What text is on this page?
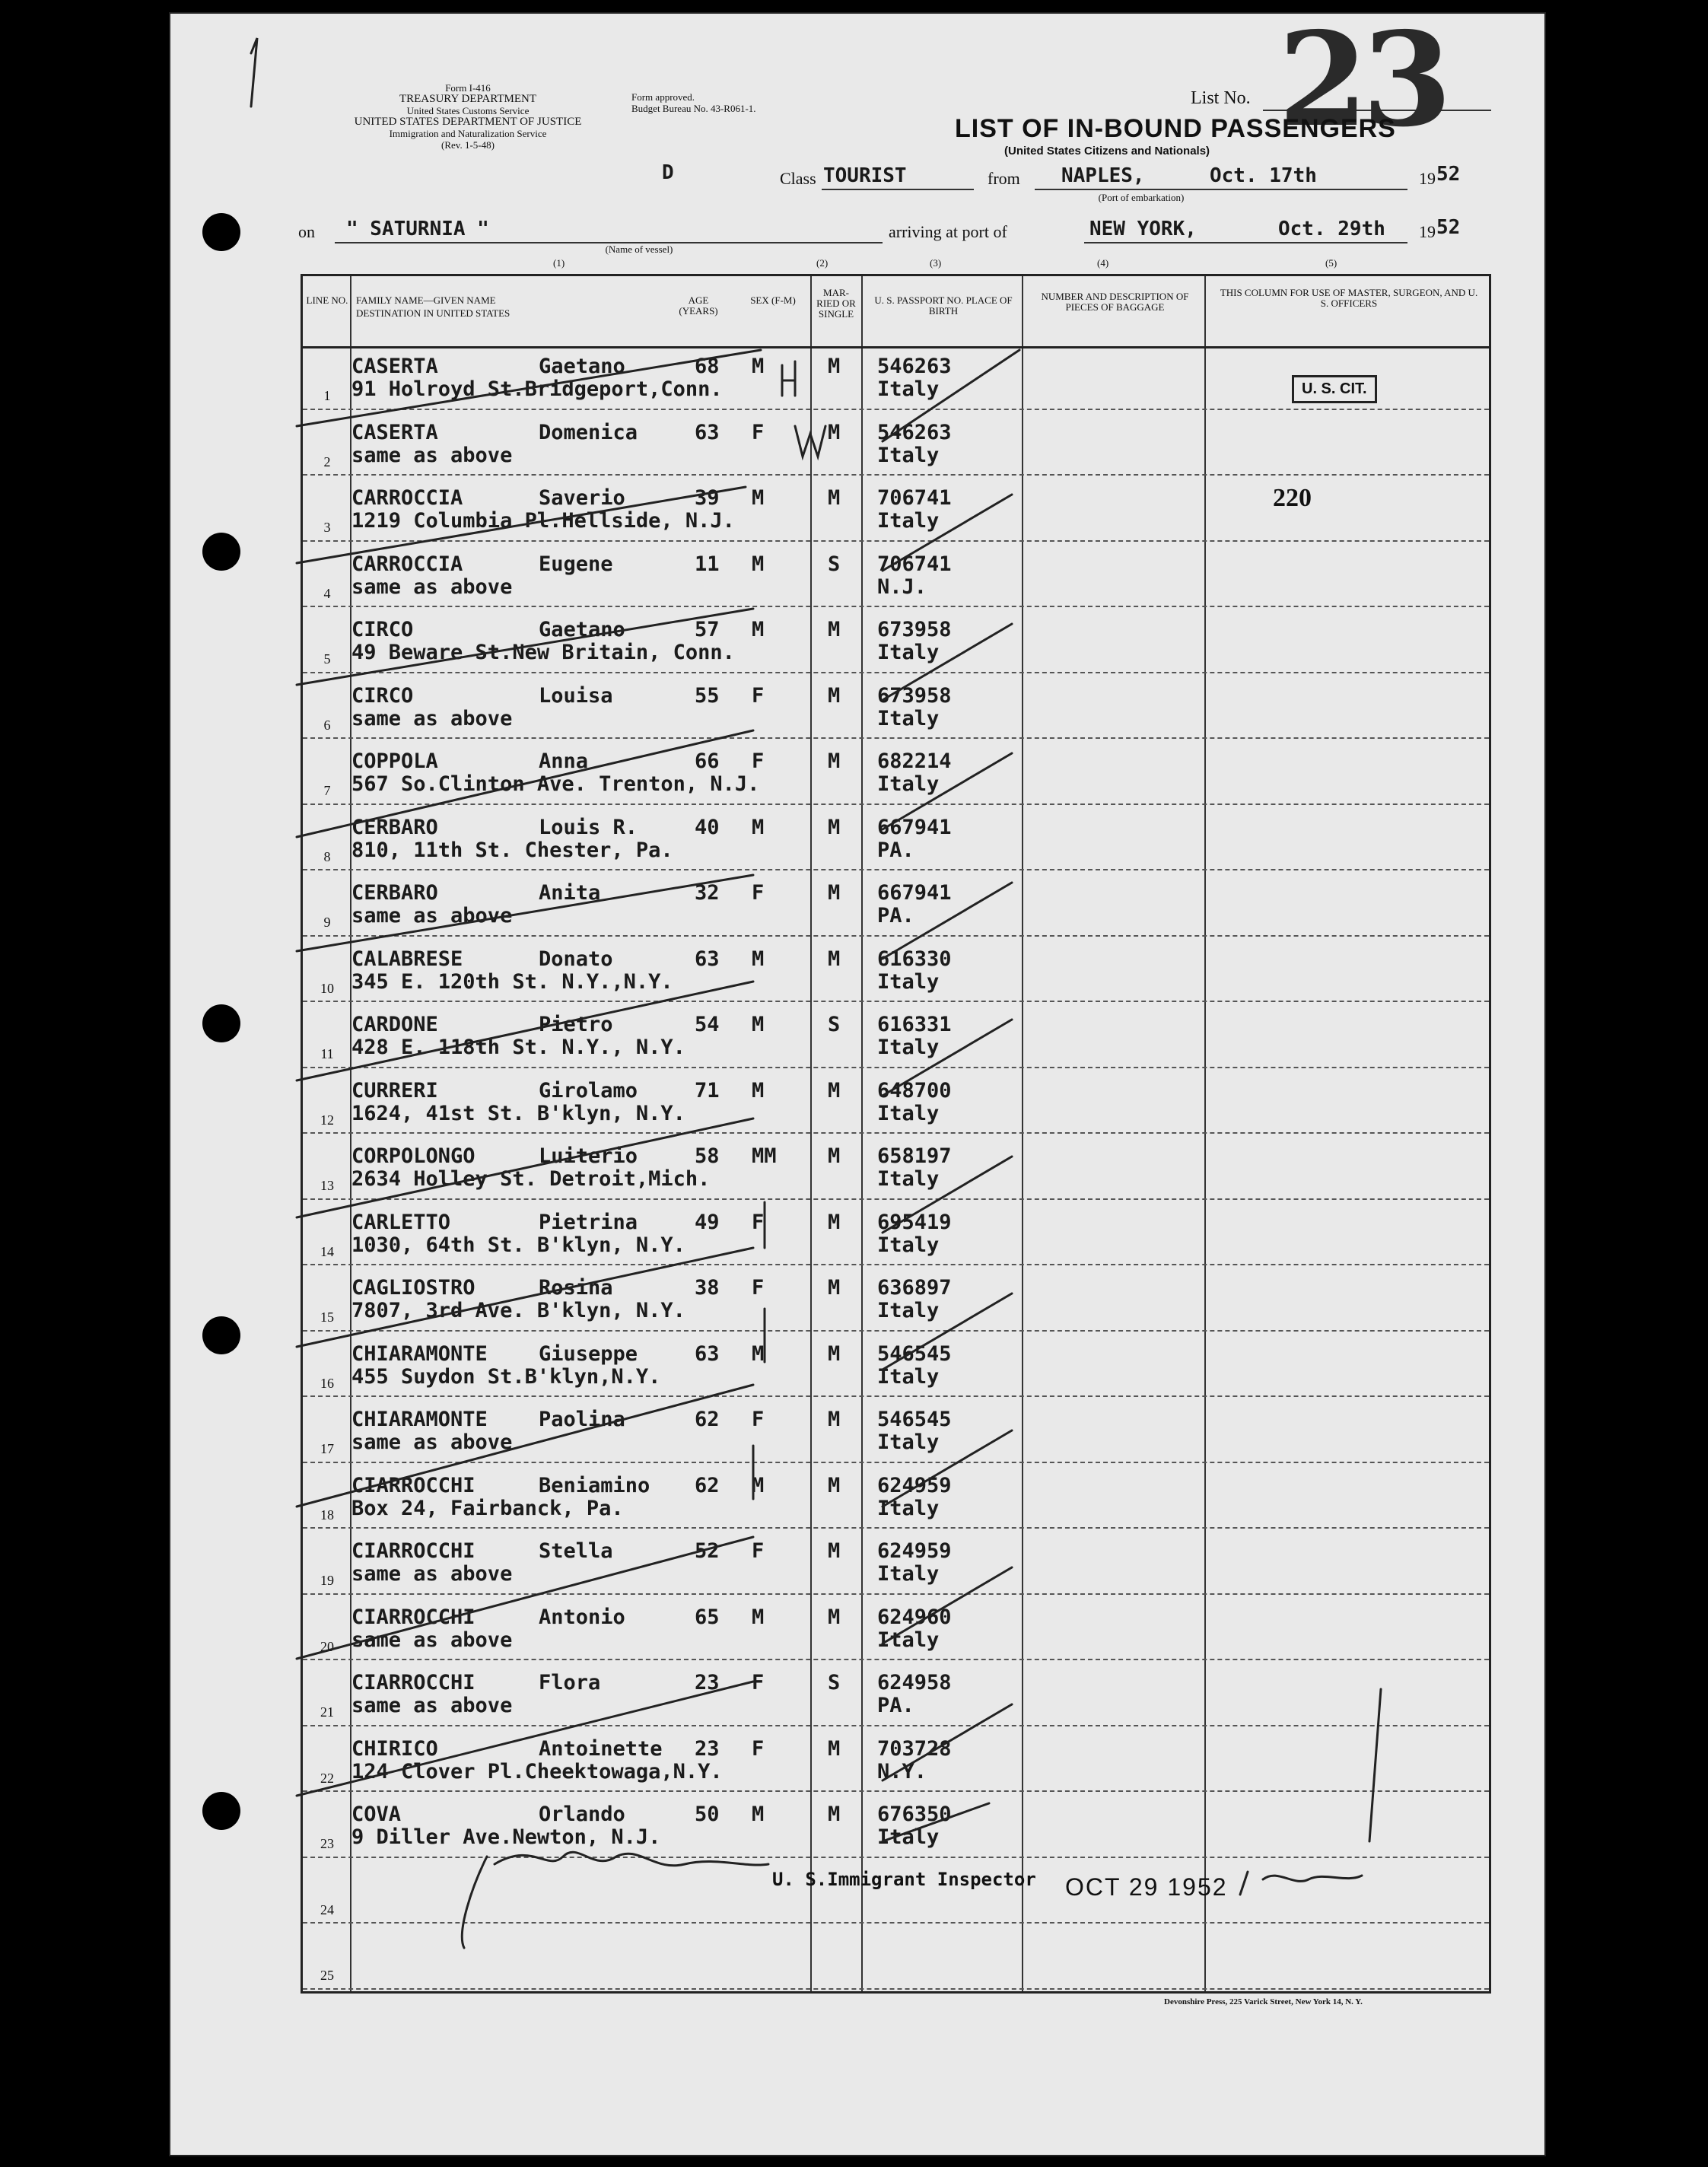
Form I-416
TREASURY DEPARTMENT
United States Customs Service
UNITED STATES DEPARTMENT OF JUSTICE
Immigration and Naturalization Service
(Rev. 1-5-48)
Form approved.
Budget Bureau No. 43-R061-1.
List No. 23
LIST OF IN-BOUND PASSENGERS
(United States Citizens and Nationals)
D	Class TOURIST	from NAPLES,	Oct. 17th	19 52
(Port of embarkation)
on " SATURNIA "
(Name of vessel)
arriving at port of	NEW YORK,	Oct. 29th 19 52
(1)	(2)	(3)	(4)	(5)
LINE NO. FAMILY NAME—GIVEN NAME
DESTINATION IN UNITED STATES
AGE (YEARS)
SEX (F-M)
MAR-RIED OR SINGLE
U. S. PASSPORT NO. PLACE OF BIRTH
NUMBER AND DESCRIPTION OF PIECES OF BAGGAGE
THIS COLUMN FOR USE OF MASTER, SURGEON, AND U. S. OFFICERS
1
CASERTA	Gaetano	68 M	M 546263
91 Holroyd St.Bridgeport,Conn.	Italy
2
CASERTA	Domenica	63 F	M 546263
same as above	Italy
3
CARROCCIA	Saverio	39 M	M 706741
1219 Columbia Pl.Hellside, N.J.	Italy
4
CARROCCIA	Eugene	11 M	S 706741
same as above	N.J.
5
CIRCO	Gaetano	57 M	M 673958
49 Beware St.New Britain, Conn.	Italy
6
CIRCO	Louisa	55 F	M 673958
same as above	Italy
7
COPPOLA	Anna	66 F	M 682214
567 So.Clinton Ave. Trenton, N.J.	Italy
8
CERBARO	Louis R.	40 M	M 667941
810, 11th St. Chester, Pa.	PA.
9
CERBARO	Anita	32 F	M 667941
same as above	PA.
10
CALABRESE	Donato	63 M	M 616330
345 E. 120th St. N.Y.,N.Y.	Italy
11
CARDONE	Pietro	54 M	S 616331
428 E. 118th St. N.Y., N.Y.	Italy
12
CURRERI	Girolamo	71 M	M 648700
1624, 41st St. B'klyn, N.Y.	Italy
13
CORPOLONGO	Luiterio	58 MM M 658197
2634 Holley St. Detroit,Mich.	Italy
14
CARLETTO	Pietrina	49 F	M 695419
1030, 64th St. B'klyn, N.Y.	Italy
15
CAGLIOSTRO	Rosina	38 F	M 636897
7807, 3rd Ave. B'klyn, N.Y.	Italy
16
CHIARAMONTE Giuseppe	63 M	M 546545
455 Suydon St.B'klyn,N.Y.	Italy
17
CHIARAMONTE Paolina	62 F	M 546545
same as above	Italy
18
CIARROCCHI	Beniamino 62 M	M 624959
Box 24, Fairbanck, Pa.	Italy
19
CIARROCCHI	Stella	52 F	M 624959
same as above	Italy
20
CIARROCCHI	Antonio	65 M	M 624960
same as above	Italy
21
CIARROCCHI	Flora	23 F	S 624958
same as above	PA.
22
CHIRICO	Antoinette 23 F	M 703728
124 Clover Pl.Cheektowaga,N.Y.	N.Y.
23
COVA	Orlando	50 M	M 676350
9 Diller Ave.Newton, N.J.	Italy
24
25
U. S. CIT.
220
U. S.Immigrant Inspector OCT 29 1952
Devonshire Press, 225 Varick Street, New York 14, N. Y.
